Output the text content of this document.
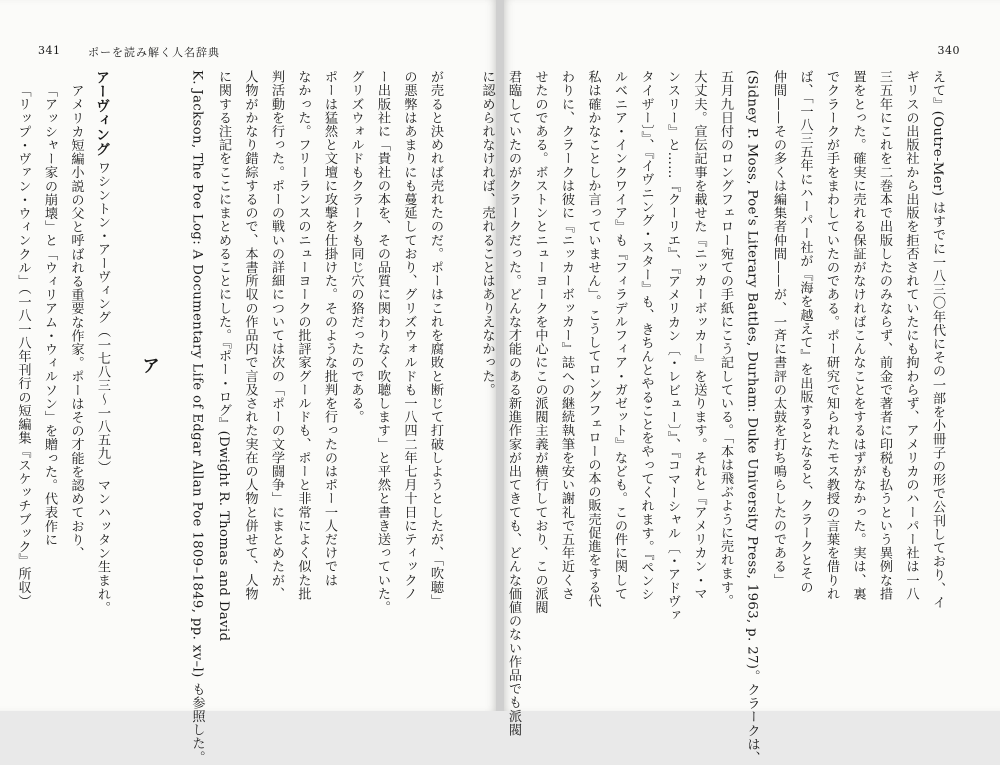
341	ポーを読み解く人名辞典
が売ると決めれば売れたのだ。ポーはこれを腐敗と断じて打破しようとしたが、「吹聴」
の悪弊はあまりにも蔓延しており、グリズウォルドも一八四二年七月十日にティックノ
ー出版社に「貴社の本を、その品質に関わりなく吹聴します」と平然と書き送っていた。
グリズウォルドもクラークも同じ穴の狢だったのである。
ポーは猛然と文壇に攻撃を仕掛けた。そのような批判を行ったのはポー一人だけでは
なかった。フリーランスのニューヨークの批評家グールドも、ポーと非常によく似た批
判活動を行った。ポーの戦いの詳細については次の「ポーの文学闘争」にまとめたが、
人物がかなり錯綜するので、本書所収の作品内で言及された実在の人物と併せて、人物
に関する注記をここにまとめることにした。『ポー・ログ』(Dwight R. Thomas and David
K. Jackson, The Poe Log: A Documentary Life of Edgar Allan Poe 1809–1849, pp. xv–l) も参照した。
ア
アーヴィング ワシントン・アーヴィング（一七八三〜一八五九） マンハッタン生まれ。
アメリカ短編小説の父と呼ばれる重要な作家。ポーはその才能を認めており、
「アッシャー家の崩壊」と「ウィリアム・ウィルソン」を贈った。代表作に
「リップ・ヴァン・ウィンクル」（一八一八年刊行の短編集『スケッチブック』所収）
340
えて』(Outre-Mer) はすでに一八三〇年代にその一部を小冊子の形で公刊しており、イ
ギリスの出版社から出版を拒否されていたにも拘わらず、アメリカのハーパー社は一八
三五年にこれを二巻本で出版したのみならず、前金で著者に印税も払うという異例な措
置をとった。確実に売れる保証がなければこんなことをするはずがなかった。実は、裏
でクラークが手をまわしていたのである。ポー研究で知られたモス教授の言葉を借りれ
ば、「一八三五年にハーパー社が『海を越えて』を出版するとなると、クラークとその
仲間——その多くは編集者仲間——が、一斉に書評の太鼓を打ち鳴らしたのである」
(Sidney P. Moss, Poe's Literary Battles, Durham: Duke University Press, 1963, p. 27)。クラークは、
五月九日付のロングフェロー宛ての手紙にこう記している。「本は飛ぶように売れます。
大丈夫。宣伝記事を載せた『ニッカーボッカー』を送ります。それと『アメリカン・マ
ンスリー』と……『クーリエ』、『アメリカン〔・レビュー〕』、『コマーシャル〔・アドヴァ
タイザー〕』、『イヴニング・スター』も、きちんとやることをやってくれます。『ペンシ
ルベニア・インクワイア』も『フィラデルフィア・ガゼット』なども。この件に関して
私は確かなことしか言っていません」。こうしてロングフェローの本の販売促進をする代
わりに、クラークは彼に『ニッカーボッカー』誌への継続執筆を安い謝礼で五年近くさ
せたのである。ボストンとニューヨークを中心にこの派閥主義が横行しており、この派閥
君臨していたのがクラークだった。どんな才能のある新進作家が出てきても、どんな価値のない作品でも派閥
に認められなければ、売れることはありえなかった。
